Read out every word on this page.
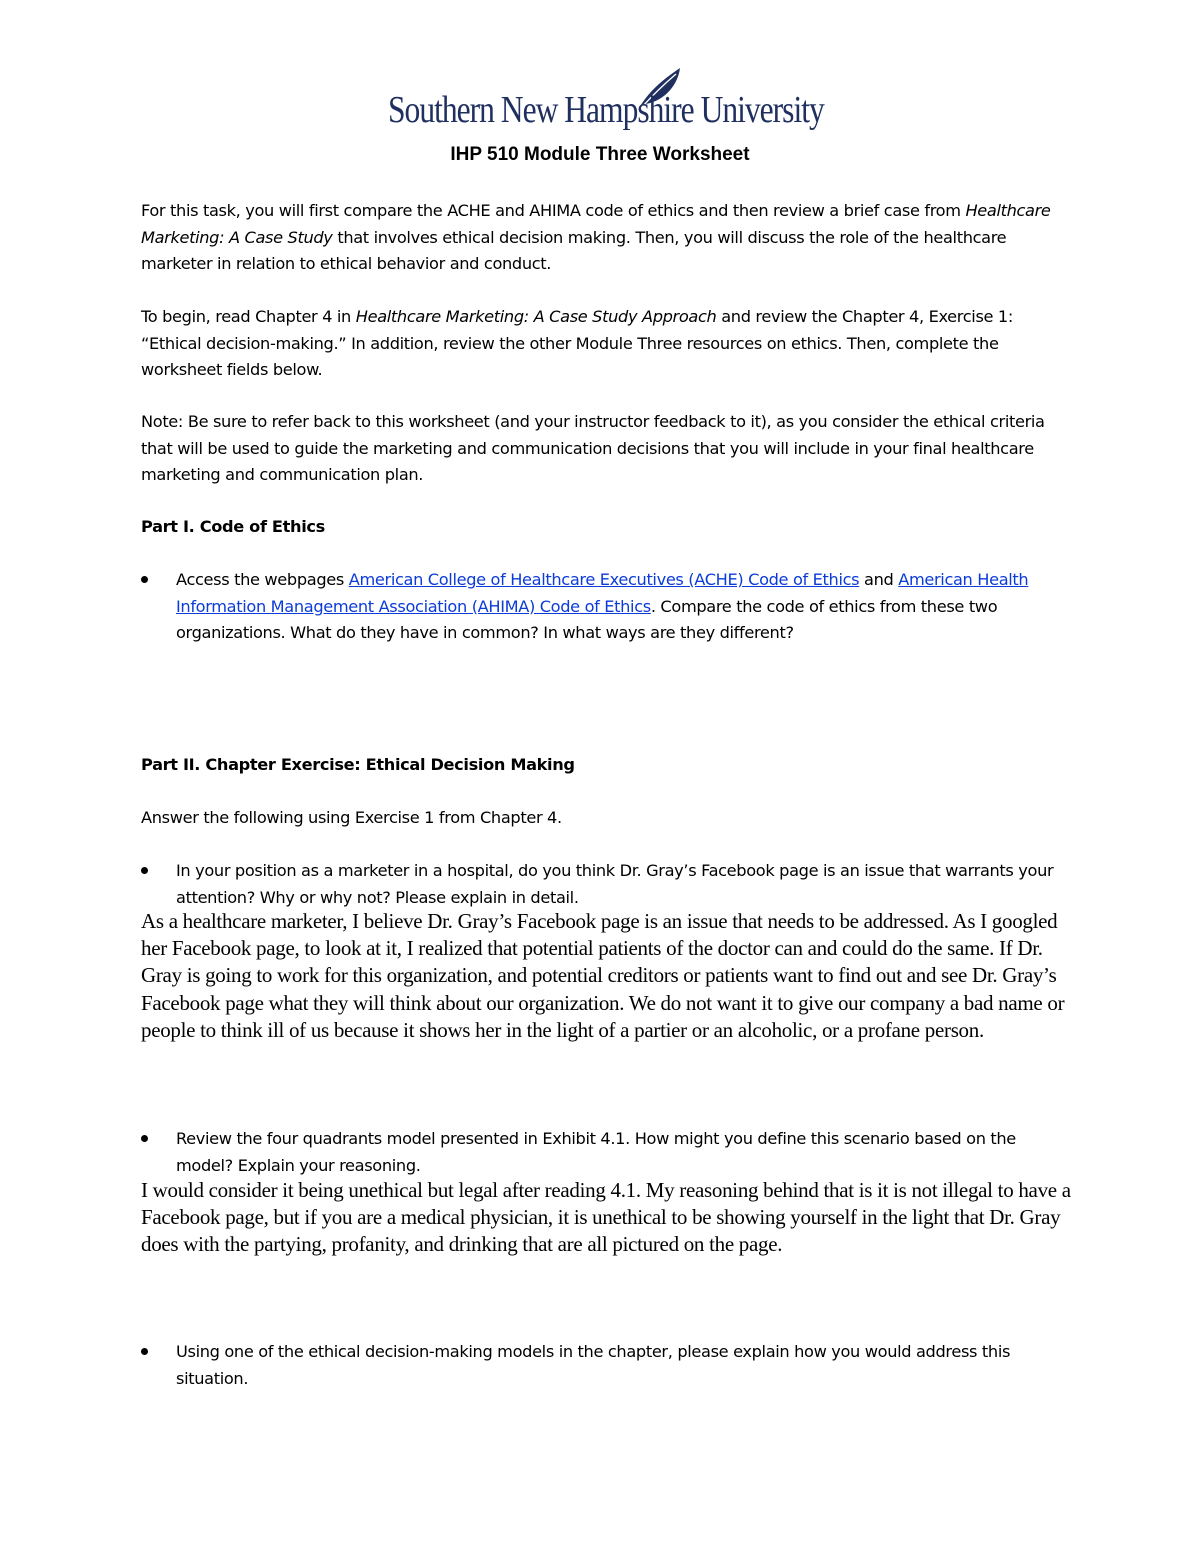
Southern New Hampshire University
IHP 510 Module Three Worksheet

For this task, you will first compare the ACHE and AHIMA code of ethics and then review a brief case from Healthcare Marketing: A Case Study that involves ethical decision making. Then, you will discuss the role of the healthcare marketer in relation to ethical behavior and conduct.

To begin, read Chapter 4 in Healthcare Marketing: A Case Study Approach and review the Chapter 4, Exercise 1: “Ethical decision-making.” In addition, review the other Module Three resources on ethics. Then, complete the worksheet fields below.

Note: Be sure to refer back to this worksheet (and your instructor feedback to it), as you consider the ethical criteria that will be used to guide the marketing and communication decisions that you will include in your final healthcare marketing and communication plan.

Part I. Code of Ethics

Access the webpages American College of Healthcare Executives (ACHE) Code of Ethics and American Health Information Management Association (AHIMA) Code of Ethics. Compare the code of ethics from these two organizations. What do they have in common? In what ways are they different?

Part II. Chapter Exercise: Ethical Decision Making

Answer the following using Exercise 1 from Chapter 4.

In your position as a marketer in a hospital, do you think Dr. Gray’s Facebook page is an issue that warrants your attention? Why or why not? Please explain in detail.

As a healthcare marketer, I believe Dr. Gray’s Facebook page is an issue that needs to be addressed. As I googled her Facebook page, to look at it, I realized that potential patients of the doctor can and could do the same. If Dr. Gray is going to work for this organization, and potential creditors or patients want to find out and see Dr. Gray’s Facebook page what they will think about our organization. We do not want it to give our company a bad name or people to think ill of us because it shows her in the light of a partier or an alcoholic, or a profane person.

Review the four quadrants model presented in Exhibit 4.1. How might you define this scenario based on the model? Explain your reasoning.

I would consider it being unethical but legal after reading 4.1. My reasoning behind that is it is not illegal to have a Facebook page, but if you are a medical physician, it is unethical to be showing yourself in the light that Dr. Gray does with the partying, profanity, and drinking that are all pictured on the page.

Using one of the ethical decision-making models in the chapter, please explain how you would address this situation.
